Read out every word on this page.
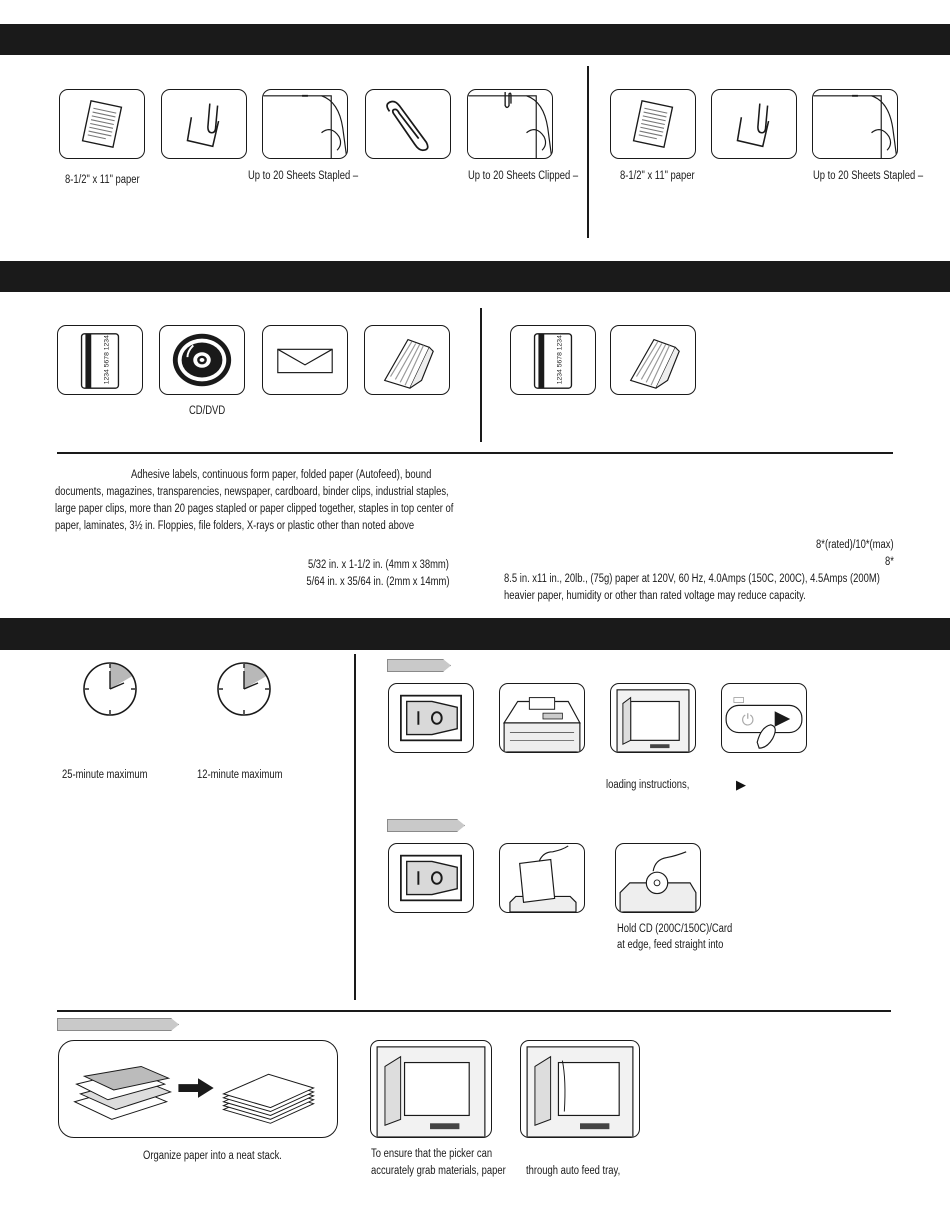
8-1/2" x 11" paper	Up to 20 Sheets Stapled –	Up to 20 Sheets Clipped –	8-1/2" x 11" paper	Up to 20 Sheets Stapled –
1234 5678 1234
CD/DVD
1234 5678 1234
Adhesive labels, continuous form paper, folded paper (Autofeed), bound
documents, magazines, transparencies, newspaper, cardboard, binder clips, industrial staples,
large paper clips, more than 20 pages stapled or paper clipped together, staples in top center of
paper, laminates, 3½ in. Floppies, file folders, X-rays or plastic other than noted above
5/32 in. x 1-1/2 in. (4mm x 38mm)
5/64 in. x 35/64 in. (2mm x 14mm)
8*(rated)/10*(max)
8*
8.5 in. x11 in., 20lb., (75g) paper at 120V, 60 Hz, 4.0Amps (150C, 200C), 4.5Amps (200M)
heavier paper, humidity or other than rated voltage may reduce capacity.
25-minute maximum	12-minute maximum
⏻
loading instructions,	▶
Hold CD (200C/150C)/Card
at edge, feed straight into
Organize paper into a neat stack.	To ensure that the picker can
accurately grab materials, paper through auto feed tray,
